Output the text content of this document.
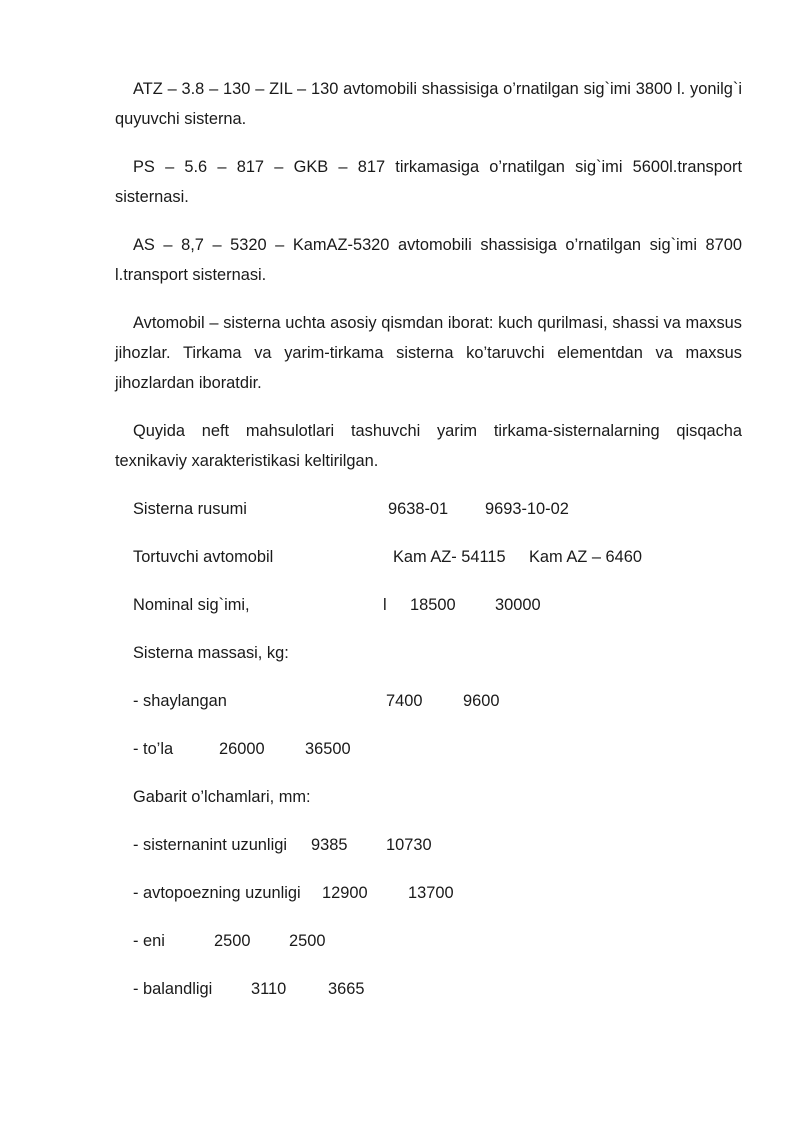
ATZ – 3.8 – 130 – ZIL – 130 avtomobili shassisiga o’rnatilgan sig`imi 3800 l. yonilg`i quyuvchi sisterna.

PS – 5.6 – 817 – GKB – 817 tirkamasiga o’rnatilgan sig`imi 5600l.transport sisternasi.

AS – 8,7 – 5320 – KamAZ-5320 avtomobili shassisiga o’rnatilgan sig`imi 8700 l.transport sisternasi.

Avtomobil – sisterna uchta asosiy qismdan iborat: kuch qurilmasi, shassi va maxsus jihozlar. Tirkama va yarim-tirkama sisterna ko’taruvchi elementdan va maxsus jihozlardan iboratdir.

Quyida neft mahsulotlari tashuvchi yarim tirkama-sisternalarning qisqacha texnikaviy xarakteristikasi keltirilgan.

Sisterna rusumi	9638-01 9693-10-02
Tortuvchi avtomobil	Kam AZ- 54115 Kam AZ – 6460
Nominal sig`imi,	l 18500 30000
Sisterna massasi, kg:
- shaylangan	7400 9600
- to’la	26000 36500
Gabarit o’lchamlari, mm:
- sisternanint uzunligi 9385 10730
- avtopoezning uzunligi 12900 13700
- eni	2500 2500
- balandligi 3110	3665
